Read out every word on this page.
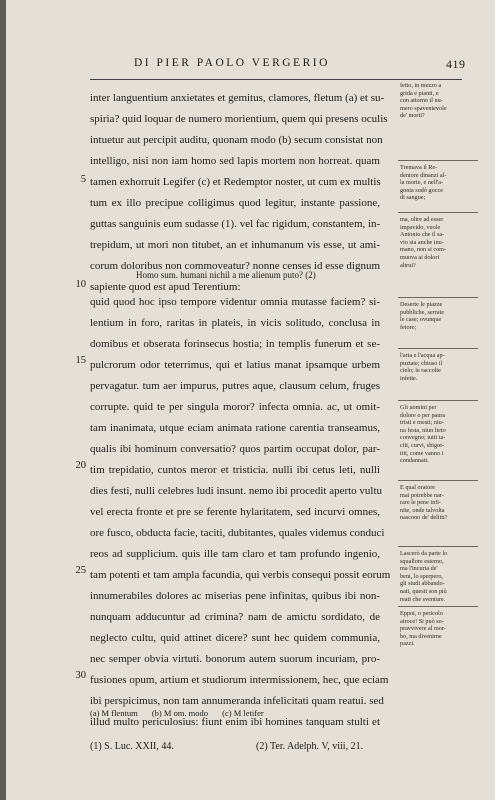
DI PIER PAOLO VERGERIO	419
inter languentium anxietates et gemitus, clamores, fletum (a) et su-
spiria? quid loquar de numero morientium, quem qui presens oculis
intuetur aut percipit auditu, quonam modo (b) secum consistat non
intelligo, nisi non iam homo sed lapis mortem non horreat. quam
tamen exhorruit Legifer (c) et Redemptor noster, ut cum ex multis
tum ex illo precipue colligimus quod legitur, instante passione,
guttas sanguinis eum sudasse (1). vel fac rigidum, constantem, in-
trepidum, ut mori non titubet, an et inhumanum vis esse, ut ami-
corum doloribus non commoveatur? nonne censes id esse dignum
sapiente quod est apud Terentium:
5
10
Homo sum. humani nichil a me alienum puto? (2)
quid quod hoc ipso tempore videntur omnia mutasse faciem? si-
lentium in foro, raritas in plateis, in vicis solitudo, conclusa in
domibus et obserata forinsecus hostia; in templis funerum et se-
pulcrorum odor teterrimus, qui et latius manat ipsamque urbem
pervagatur. tum aer impurus, putres aque, clausum celum, fruges
corrupte. quid te per singula moror? infecta omnia. ac, ut omit-
tam inanimata, utque eciam animata ratione carentia transeamus,
qualis ibi hominum conversatio? quos partim occupat dolor, par-
tim trepidatio, cuntos meror et tristicia. nulli ibi cetus leti, nulli
dies festi, nulli celebres ludi insunt. nemo ibi procedit aperto vultu
vel erecta fronte et pre se ferente hylaritatem, sed incurvi omnes,
ore fusco, obducta facie, taciti, dubitantes, quales videmus conduci
reos ad supplicium. quis ille tam claro et tam profundo ingenio,
tam potenti et tam ampla facundia, qui verbis consequi possit eorum
innumerabiles dolores ac miserias pene infinitas, quibus ibi non-
nunquam adducuntur ad crimina? nam de amictu sordidato, de
neglecto cultu, quid attinet dicere? sunt hec quidem communia,
nec semper obvia virtuti. bonorum autem suorum incuriam, pro-
fusiones opum, artium et studiorum intermissionem, hec, que eciam
ibi perspicimus, non tam annumeranda infelicitati quam reatui. sed
illud multo periculosius: fiunt enim ibi homines tanquam stulti et
15
20
25
30
fetto, in mezzo a
grida e pianti, e
con attorno il nu-
mero spaventevole
de' morti?
Tremava il Re-
dentore dinanzi al-
la morte, e nell'a-
gonia sudò gocce
di sangue;
ma, oltre ad esser
impavido, vuole
Antonio che il sa-
vio sia anche inu-
mano, non si com-
muova ai dolori
altrui?
Deserte le piazze
pubbliche, serrate
le case; ovunque
fetore;
l'aria e l'acqua ap-
puztate; chiuso il
cielo; le raccolte
infette.
Gli uomini per
dolore o per paura
tristi e mesti; niu-
na festa, niun lieto
convegno; tutti ta-
citi, curvi, sbigot-
titi, come vanno i
condannati.
E qual oratore
mai potrebbe nar-
rare le pene infi-
nite, onde talvolta
nascono de' delitti?
Lascerò da parte lo
squallore esterno,
ma l'incuria de'
beni, lo sperpero,
gli studi abbando-
nati, questi son più
reati che sventure.
Eppoi, o pericolo
atroce! Si può so-
pravvivere al mor-
bo, ma divenirne
pazzi.
(a) M flentum (b) M om. modo (c) M letifer
(1) S. Luc. XXII, 44.	(2) Ter. Adelph. V, viii, 21.
